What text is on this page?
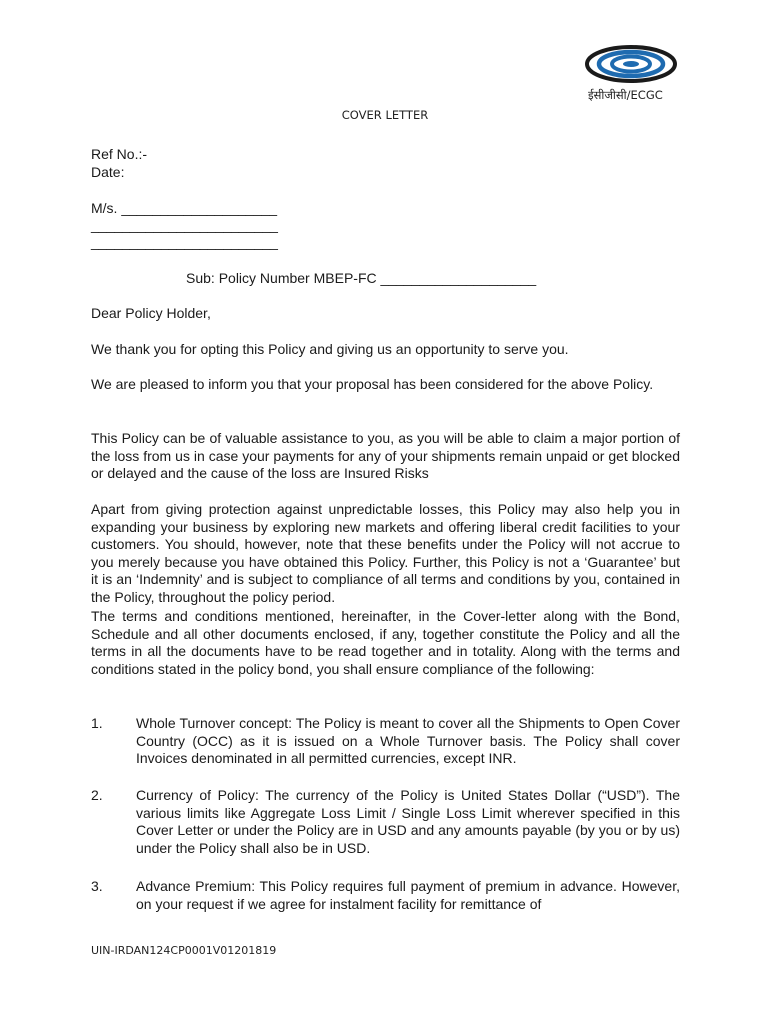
ईसीजीसी/ECGC
COVER LETTER
Ref No.:-
Date:
M/s. ____________________
________________________
________________________
Sub: Policy Number MBEP-FC ____________________
Dear Policy Holder,
We thank you for opting this Policy and giving us an opportunity to serve you.
We are pleased to inform you that your proposal has been considered for the above Policy.
This Policy can be of valuable assistance to you, as you will be able to claim a major portion of the loss from us in case your payments for any of your shipments remain unpaid or get blocked or delayed and the cause of the loss are Insured Risks
Apart from giving protection against unpredictable losses, this Policy may also help you in expanding your business by exploring new markets and offering liberal credit facilities to your customers. You should, however, note that these benefits under the Policy will not accrue to you merely because you have obtained this Policy. Further, this Policy is not a ‘Guarantee’ but it is an ‘Indemnity’ and is subject to compliance of all terms and conditions by you, contained in the Policy, throughout the policy period.
The terms and conditions mentioned, hereinafter, in the Cover-letter along with the Bond, Schedule and all other documents enclosed, if any, together constitute the Policy and all the terms in all the documents have to be read together and in totality. Along with the terms and conditions stated in the policy bond, you shall ensure compliance of the following:
1. Whole Turnover concept: The Policy is meant to cover all the Shipments to Open Cover Country (OCC) as it is issued on a Whole Turnover basis. The Policy shall cover Invoices denominated in all permitted currencies, except INR.
2. Currency of Policy: The currency of the Policy is United States Dollar (“USD”). The various limits like Aggregate Loss Limit / Single Loss Limit wherever specified in this Cover Letter or under the Policy are in USD and any amounts payable (by you or by us) under the Policy shall also be in USD.
3. Advance Premium: This Policy requires full payment of premium in advance. However, on your request if we agree for instalment facility for remittance of
UIN-IRDAN124CP0001V01201819
